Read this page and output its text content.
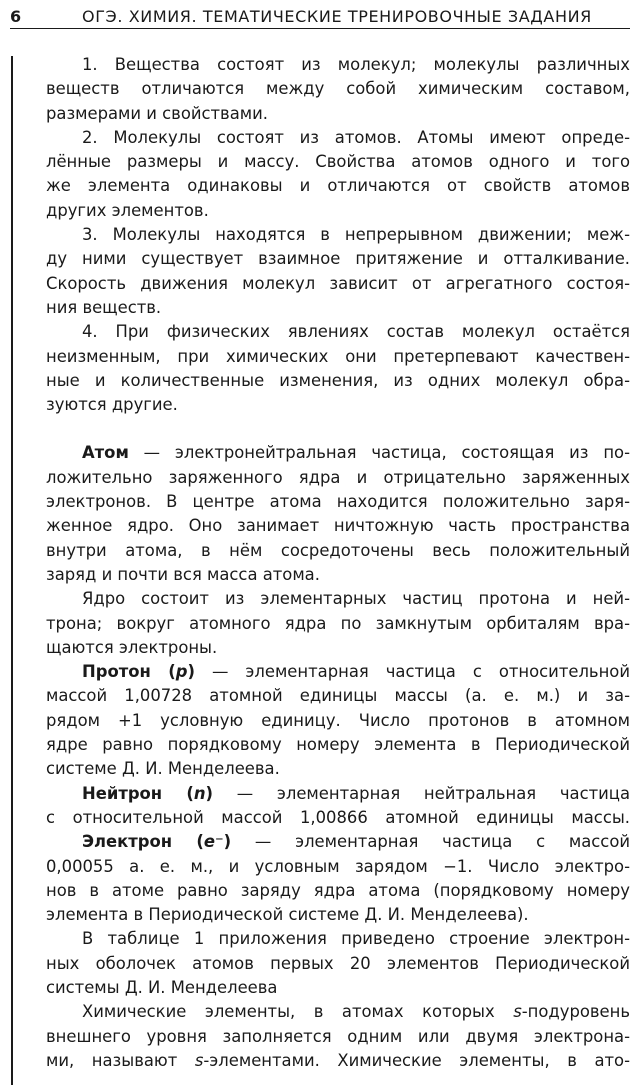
6	ОГЭ. ХИМИЯ. ТЕМАТИЧЕСКИЕ ТРЕНИРОВОЧНЫЕ ЗАДАНИЯ

1. Вещества состоят из молекул; молекулы различных

веществ отличаются между собой химическим составом,
размерами и свойствами.

2. Молекулы состоят из атомов. Атомы имеют опреде-

лённые размеры и массу. Свойства атомов одного и того
же элемента одинаковы и отличаются от свойств атомов
других элементов.

3. Молекулы находятся в непрерывном движении; меж-

ду ними существует взаимное притяжение и отталкивание.
Скорость движения молекул зависит от агрегатного состоя-
ния веществ.

4. При физических явлениях состав молекул остаётся

неизменным, при химических они претерпевают качествен-
ные и количественные изменения, из одних молекул обра-
зуются другие.

Атом — электронейтральная частица, состоящая из по-

ложительно заряженного ядра и отрицательно заряженных
электронов. В центре атома находится положительно заря-
женное ядро. Оно занимает ничтожную часть пространства
внутри атома, в нём сосредоточены весь положительный
заряд и почти вся масса атома.

Ядро состоит из элементарных частиц протона и ней-

трона; вокруг атомного ядра по замкнутым орбиталям вра-
щаются электроны.

Протон (p) — элементарная частица с относительной

массой 1,00728 атомной единицы массы (а. е. м.) и за-
рядом +1 условную единицу. Число протонов в атомном
ядре равно порядковому номеру элемента в Периодической
системе Д. И. Менделеева.

Нейтрон (n) — элементарная нейтральная частица

с относительной массой 1,00866 атомной единицы массы.

Электрон (e⁻) — элементарная частица с массой

0,00055 а. е. м., и условным зарядом −1. Число электро-
нов в атоме равно заряду ядра атома (порядковому номеру
элемента в Периодической системе Д. И. Менделеева).

В таблице 1 приложения приведено строение электрон-

ных оболочек атомов первых 20 элементов Периодической
системы Д. И. Менделеева

Химические элементы, в атомах которых s-подуровень

внешнего уровня заполняется одним или двумя электрона-
ми, называют s-элементами. Химические элементы, в ато-
